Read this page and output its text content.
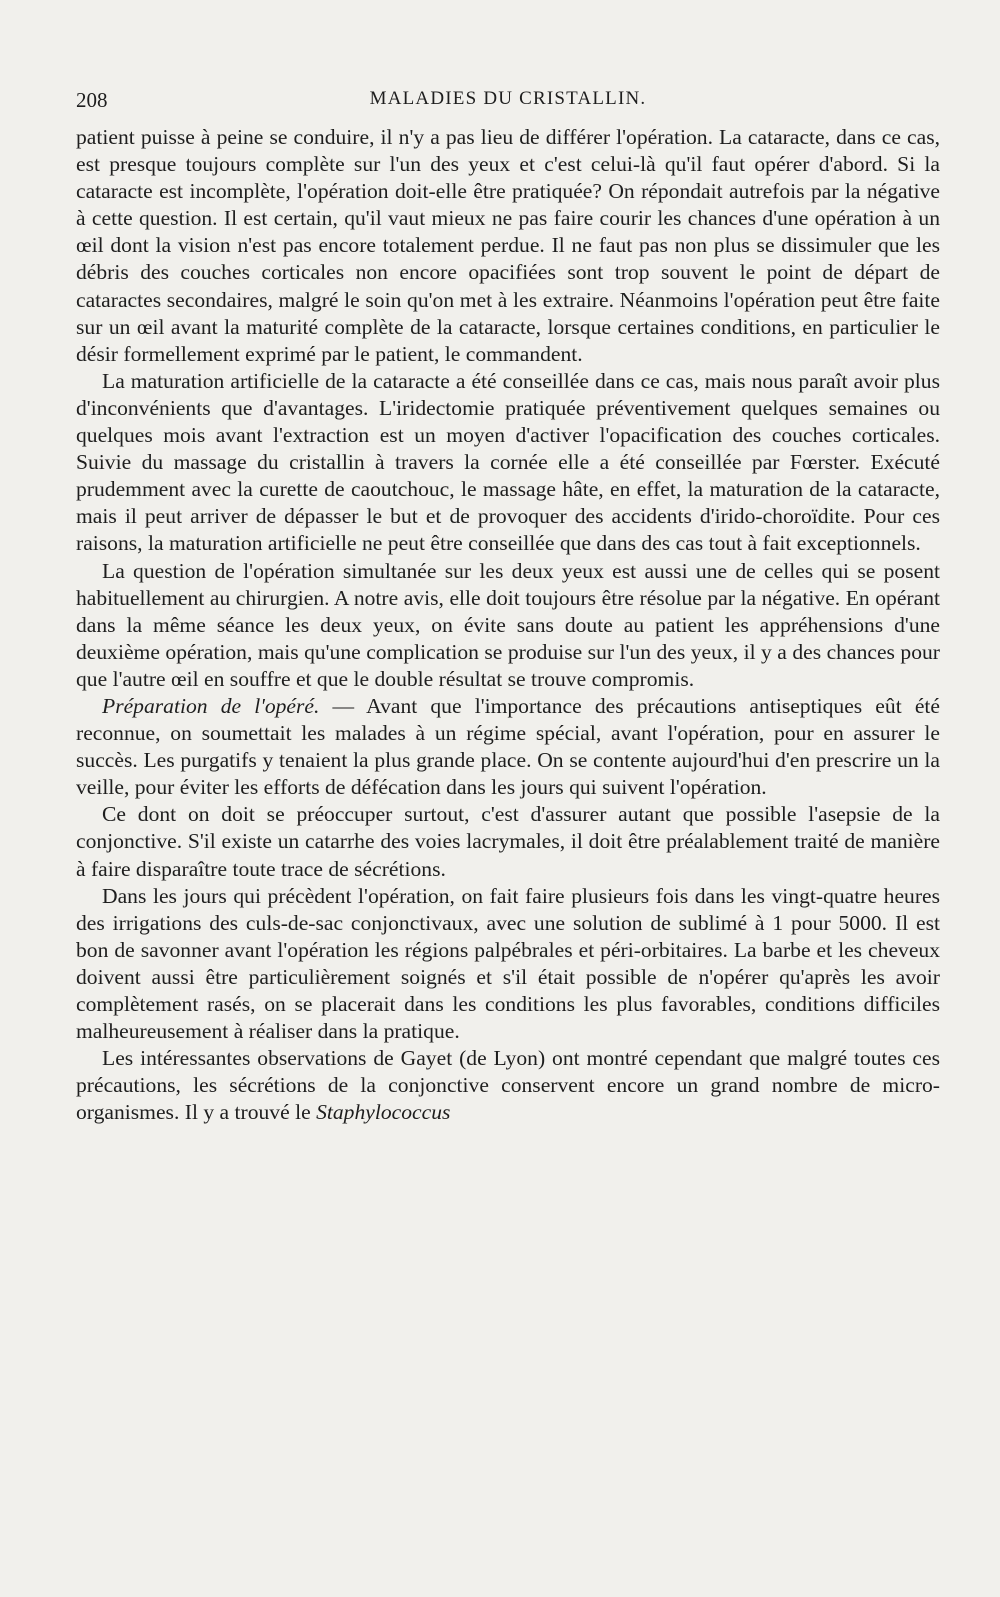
208	MALADIES DU CRISTALLIN.

patient puisse à peine se conduire, il n'y a pas lieu de différer l'opération. La cataracte, dans ce cas, est presque toujours complète sur l'un des yeux et c'est celui-là qu'il faut opérer d'abord. Si la cataracte est incomplète, l'opération doit-elle être pratiquée? On répondait autrefois par la négative à cette question. Il est certain, qu'il vaut mieux ne pas faire courir les chances d'une opération à un œil dont la vision n'est pas encore totalement perdue. Il ne faut pas non plus se dissimuler que les débris des couches corticales non encore opacifiées sont trop souvent le point de départ de cataractes secondaires, malgré le soin qu'on met à les extraire. Néanmoins l'opération peut être faite sur un œil avant la maturité complète de la cataracte, lorsque certaines conditions, en particulier le désir formellement exprimé par le patient, le commandent.

La maturation artificielle de la cataracte a été conseillée dans ce cas, mais nous paraît avoir plus d'inconvénients que d'avantages. L'iridectomie pratiquée préventivement quelques semaines ou quelques mois avant l'extraction est un moyen d'activer l'opacification des couches corticales. Suivie du massage du cristallin à travers la cornée elle a été conseillée par Fœrster. Exécuté prudemment avec la curette de caoutchouc, le massage hâte, en effet, la maturation de la cataracte, mais il peut arriver de dépasser le but et de provoquer des accidents d'irido-choroïdite. Pour ces raisons, la maturation artificielle ne peut être conseillée que dans des cas tout à fait exceptionnels.

La question de l'opération simultanée sur les deux yeux est aussi une de celles qui se posent habituellement au chirurgien. A notre avis, elle doit toujours être résolue par la négative. En opérant dans la même séance les deux yeux, on évite sans doute au patient les appréhensions d'une deuxième opération, mais qu'une complication se produise sur l'un des yeux, il y a des chances pour que l'autre œil en souffre et que le double résultat se trouve compromis.

Préparation de l'opéré. — Avant que l'importance des précautions antiseptiques eût été reconnue, on soumettait les malades à un régime spécial, avant l'opération, pour en assurer le succès. Les purgatifs y tenaient la plus grande place. On se contente aujourd'hui d'en prescrire un la veille, pour éviter les efforts de défécation dans les jours qui suivent l'opération.

Ce dont on doit se préoccuper surtout, c'est d'assurer autant que possible l'asepsie de la conjonctive. S'il existe un catarrhe des voies lacrymales, il doit être préalablement traité de manière à faire disparaître toute trace de sécrétions.

Dans les jours qui précèdent l'opération, on fait faire plusieurs fois dans les vingt-quatre heures des irrigations des culs-de-sac conjonctivaux, avec une solution de sublimé à 1 pour 5000. Il est bon de savonner avant l'opération les régions palpébrales et péri-orbitaires. La barbe et les cheveux doivent aussi être particulièrement soignés et s'il était possible de n'opérer qu'après les avoir complètement rasés, on se placerait dans les conditions les plus favorables, conditions difficiles malheureusement à réaliser dans la pratique.

Les intéressantes observations de Gayet (de Lyon) ont montré cependant que malgré toutes ces précautions, les sécrétions de la conjonctive conservent encore un grand nombre de micro-organismes. Il y a trouvé le Staphylococcus
